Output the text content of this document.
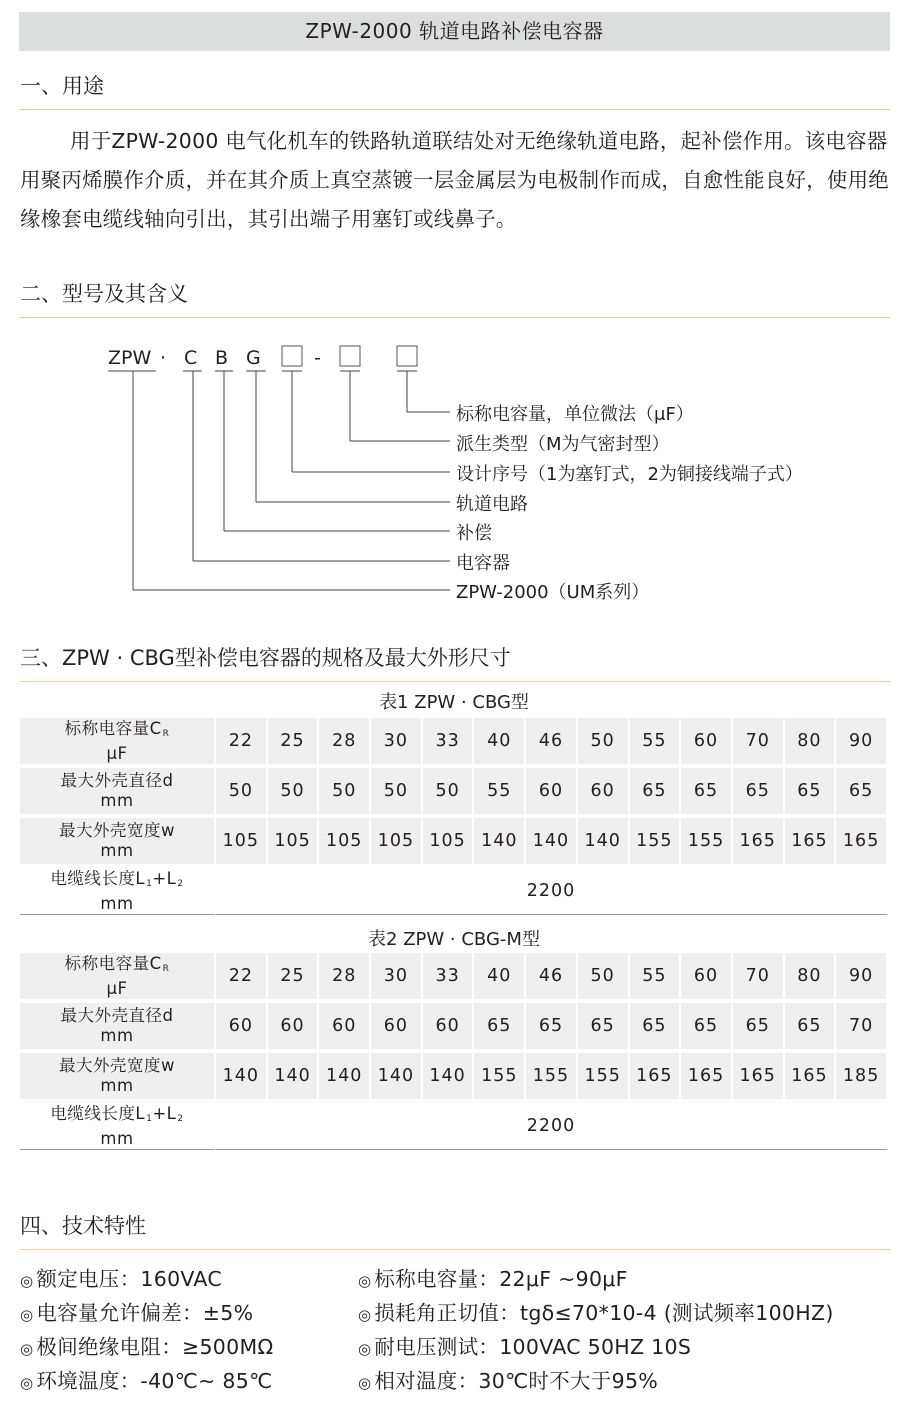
ZPW-2000 轨道电路补偿电容器
一、用途
用于ZPW-2000 电气化机车的铁路轨道联结处对无绝缘轨道电路，起补偿作用。该电容器用聚丙烯膜作介质，并在其介质上真空蒸镀一层金属层为电极制作而成，自愈性能良好，使用绝缘橡套电缆线轴向引出，其引出端子用塞钉或线鼻子。
二、型号及其含义
ZPW · C B G	-
标称电容量，单位微法（μF）
派生类型（M为气密封型）
设计序号（1为塞钉式，2为铜接线端子式）
轨道电路
补偿
电容器
ZPW-2000（UM系列）
三、ZPW · CBG型补偿电容器的规格及最大外形尺寸
表1 ZPW · CBG型
标称电容量$C_R$
μF	22	25	28	30	33	40	46	50	55	60	70	80	90
最大外壳直径d
mm	50	50	50	50	50	55	60	60	65	65	65	65	65
最大外壳宽度w
mm	105	105	105	105	105	140	140	140	155	155	165	165	165
电缆线长度$L_1+L_2$
mm	2200												
表2 ZPW · CBG-M型
标称电容量$C_R$
μF	22	25	28	30	33	40	46	50	55	60	70	80	90
最大外壳直径d
mm	60	60	60	60	60	65	65	65	65	65	65	65	70
最大外壳宽度w
mm	140	140	140	140	140	155	155	155	165	165	165	165	185
电缆线长度$L_1+L_2$
mm	2200												
四、技术特性
◎ 额定电压：160VAC
◎ 电容量允许偏差：±5%
◎ 极间绝缘电阻：≥500MΩ
◎ 环境温度：-40℃~ 85℃
◎ 标称电容量：22μF ~90μF
◎ 损耗角正切值：tgδ≤70*10-4 (测试频率100HZ)
◎ 耐电压测试：100VAC 50HZ 10S
◎ 相对温度：30℃时不大于95%
